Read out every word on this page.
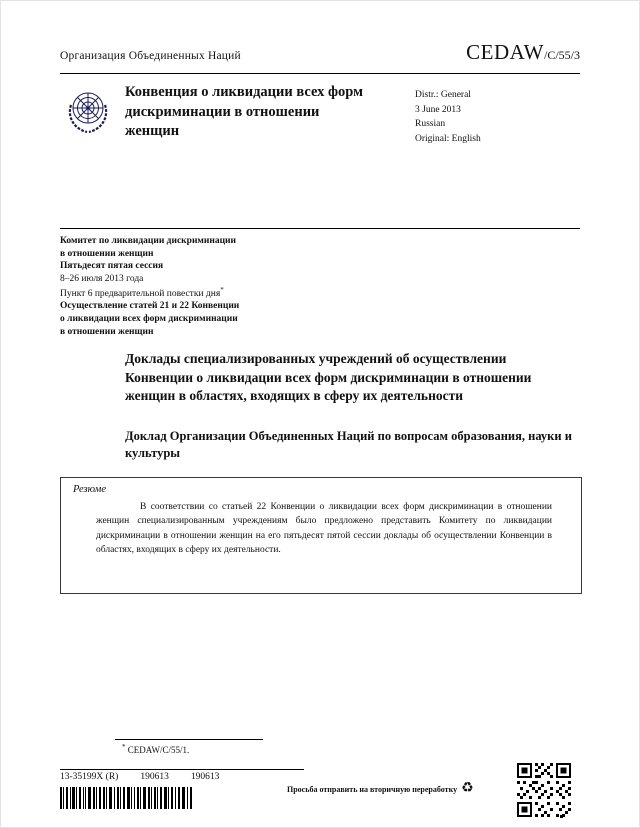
Организация Объединенных Наций	CEDAW/C/55/3
Конвенция о ликвидации всех форм дискриминации в отношении женщин
Distr.: General
3 June 2013
Russian
Original: English
Комитет по ликвидации дискриминации
в отношении женщин
Пятьдесят пятая сессия
8–26 июля 2013 года
Пункт 6 предварительной повестки дня*
Осуществление статей 21 и 22 Конвенции
о ликвидации всех форм дискриминации
в отношении женщин
Доклады специализированных учреждений об осуществлении Конвенции о ликвидации всех форм дискриминации в отношении женщин в областях, входящих в сферу их деятельности
Доклад Организации Объединенных Наций по вопросам образования, науки и культуры
Резюме

В соответствии со статьей 22 Конвенции о ликвидации всех форм дискриминации в отношении женщин специализированным учреждениям было предложено представить Комитету по ликвидации дискриминации в отношении женщин на его пятьдесят пятой сессии доклады об осуществлении Конвенции в областях, входящих в сферу их деятельности.

* CEDAW/C/55/1.
13-35199X (R) 190613 190613
Просьба отправить на вторичную переработку ♻
